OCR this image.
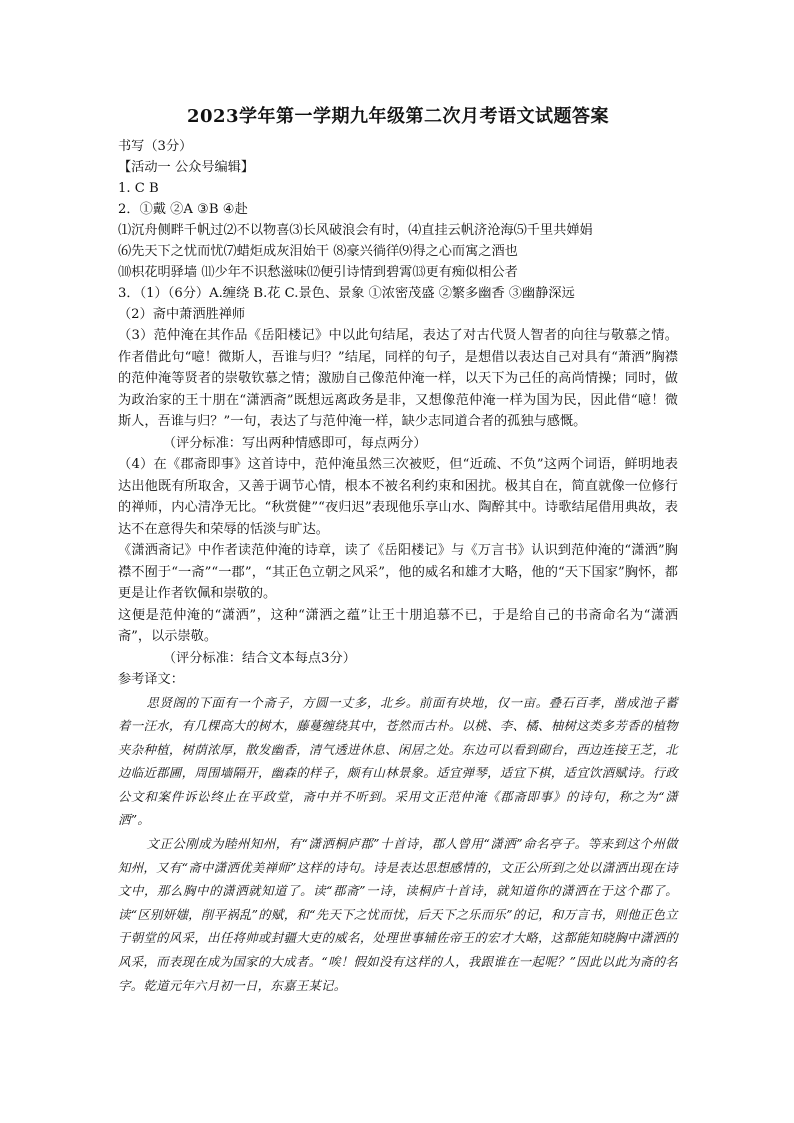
2023学年第一学期九年级第二次月考语文试题答案

书写（3分）

【活动一 公众号编辑】

1. C B

2．①戴 ②A ③B ④赴

⑴沉舟侧畔千帆过⑵不以物喜⑶长风破浪会有时，⑷直挂云帆济沧海⑸千里共婵娟

⑹先天下之忧而忧⑺蜡炬成灰泪始干 ⑻豪兴徜徉⑼得之心而寓之酒也

⑽枳花明驿墙 ⑾少年不识愁滋味⑿便引诗情到碧霄⒀更有痴似相公者

3．（1）（6分）A.缠绕 B.花 C.景色、景象 ①浓密茂盛 ②繁多幽香 ③幽静深远

（2）斋中萧洒胜禅师

（3）范仲淹在其作品《岳阳楼记》中以此句结尾，表达了对古代贤人智者的向往与敬慕之情。作者借此句“噫！微斯人，吾谁与归？”结尾，同样的句子，是想借以表达自己对具有“萧洒”胸襟的范仲淹等贤者的崇敬钦慕之情；激励自己像范仲淹一样，以天下为己任的高尚情操；同时，做为政治家的王十朋在“潇洒斋”既想远离政务是非，又想像范仲淹一样为国为民，因此借“噫！微斯人，吾谁与归？”一句，表达了与范仲淹一样，缺少志同道合者的孤独与感慨。

（评分标准：写出两种情感即可，每点两分）

（4）在《郡斋即事》这首诗中，范仲淹虽然三次被贬，但“近疏、不负”这两个词语，鲜明地表达出他既有所取舍，又善于调节心情，根本不被名利约束和困扰。极其自在，简直就像一位修行的禅师，内心清净无比。“秋赏健”“夜归迟”表现他乐享山水、陶醉其中。诗歌结尾借用典故，表达不在意得失和荣辱的恬淡与旷达。

《潇洒斋记》中作者读范仲淹的诗章，读了《岳阳楼记》与《万言书》认识到范仲淹的“潇洒”胸襟不囿于“一斋”“一郡”，“其正色立朝之风采”，他的威名和雄才大略，他的“天下国家”胸怀，都更是让作者钦佩和崇敬的。

这便是范仲淹的“潇洒”，这种“潇洒之蕴”让王十朋追慕不已，于是给自己的书斋命名为“潇洒斋”，以示崇敬。

（评分标准：结合文本每点3分）

参考译文：

思贤阁的下面有一个斋子，方圆一丈多，北乡。前面有块地，仅一亩。叠石百孝，凿成池子蓄着一汪水，有几棵高大的树木，藤蔓缠绕其中，苍然而古朴。以桃、李、橘、柚树这类多芳香的植物夹杂种植，树荫浓厚，散发幽香，清气透进休息、闲居之处。东边可以看到砌台，西边连接王芝，北边临近郡圃，周围墙隔开，幽森的样子，颇有山林景象。适宜弹琴，适宜下棋，适宜饮酒赋诗。行政公文和案件诉讼终止在平政堂，斋中并不听到。采用文正范仲淹《郡斋即事》的诗句，称之为“潇洒”。

文正公刚成为睦州知州，有“潇洒桐庐郡”十首诗，郡人曾用“潇洒”命名亭子。等来到这个州做知州，又有“斋中潇洒优美禅师”这样的诗句。诗是表达思想感情的，文正公所到之处以潇洒出现在诗文中，那么胸中的潇洒就知道了。读“郡斋”一诗，读桐庐十首诗，就知道你的潇洒在于这个郡了。读“区别妍媸，削平祸乱”的赋，和“先天下之忧而忧，后天下之乐而乐”的记，和万言书，则他正色立于朝堂的风采，出任将帅或封疆大吏的威名，处理世事辅佐帝王的宏才大略，这都能知晓胸中潇洒的风采，而表现在成为国家的大成者。“唉！假如没有这样的人，我跟谁在一起呢？”因此以此为斋的名字。乾道元年六月初一日，东嘉王某记。
